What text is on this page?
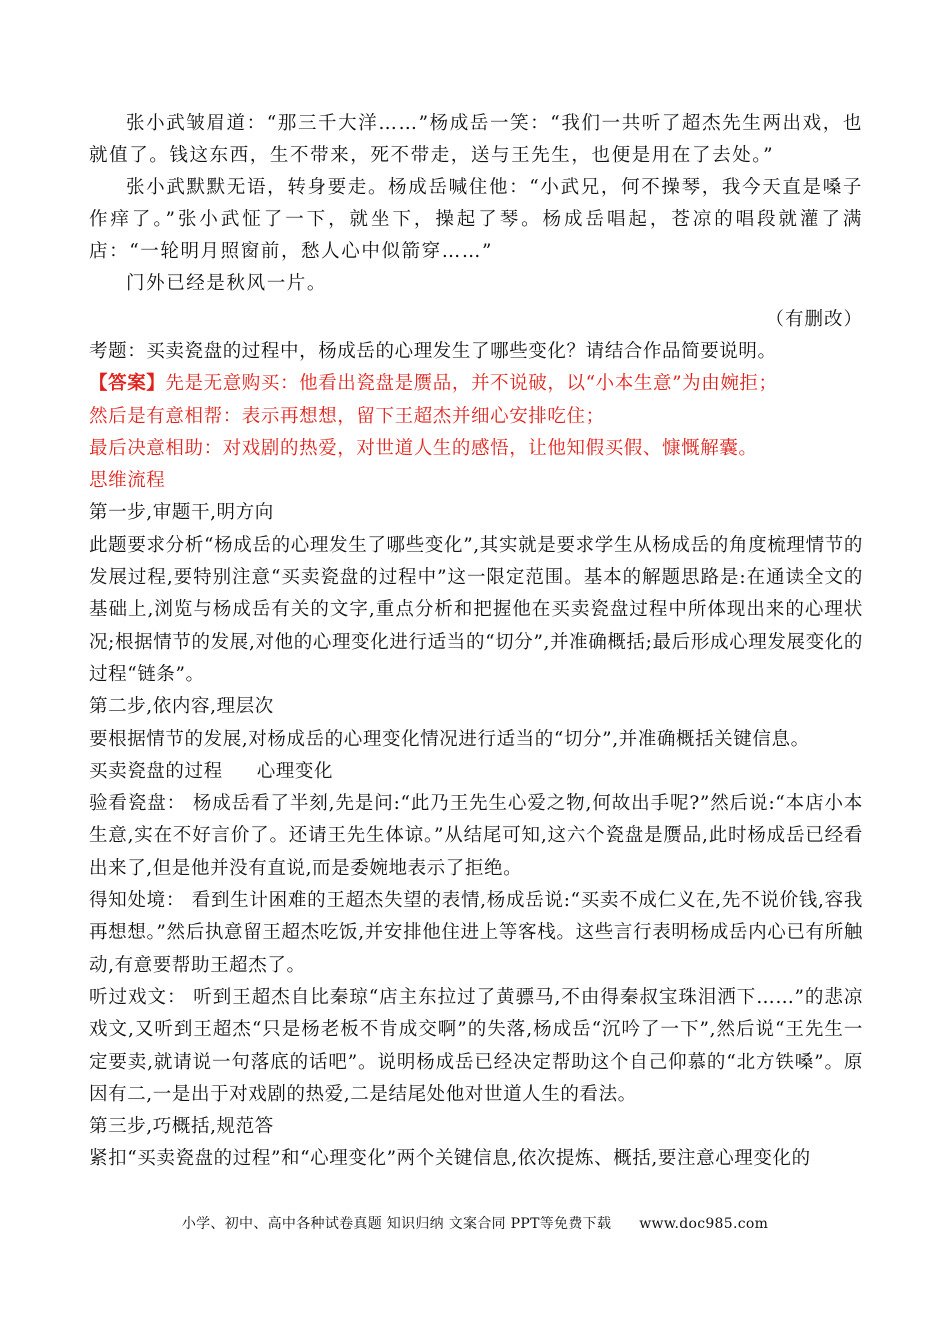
张小武皱眉道：“那三千大洋……”杨成岳一笑：“我们一共听了超杰先生两出戏，也就值了。钱这东西，生不带来，死不带走，送与王先生，也便是用在了去处。”

张小武默默无语，转身要走。杨成岳喊住他：“小武兄，何不操琴，我今天直是嗓子作痒了。”张小武怔了一下，就坐下，操起了琴。杨成岳唱起，苍凉的唱段就灌了满店：“一轮明月照窗前，愁人心中似箭穿……”

门外已经是秋风一片。

（有删改）

考题：买卖瓷盘的过程中，杨成岳的心理发生了哪些变化？请结合作品简要说明。

【答案】先是无意购买：他看出瓷盘是赝品，并不说破，以“小本生意”为由婉拒；

然后是有意相帮：表示再想想，留下王超杰并细心安排吃住；

最后决意相助：对戏剧的热爱，对世道人生的感悟，让他知假买假、慷慨解囊。

思维流程

第一步,审题干,明方向

此题要求分析“杨成岳的心理发生了哪些变化”,其实就是要求学生从杨成岳的角度梳理情节的发展过程,要特别注意“买卖瓷盘的过程中”这一限定范围。基本的解题思路是:在通读全文的基础上,浏览与杨成岳有关的文字,重点分析和把握他在买卖瓷盘过程中所体现出来的心理状况;根据情节的发展,对他的心理变化进行适当的“切分”,并准确概括;最后形成心理发展变化的过程“链条”。

第二步,依内容,理层次

要根据情节的发展,对杨成岳的心理变化情况进行适当的“切分”,并准确概括关键信息。

买卖瓷盘的过程 心理变化

验看瓷盘： 杨成岳看了半刻,先是问:“此乃王先生心爱之物,何故出手呢?”然后说:“本店小本生意,实在不好言价了。还请王先生体谅。”从结尾可知,这六个瓷盘是赝品,此时杨成岳已经看出来了,但是他并没有直说,而是委婉地表示了拒绝。

得知处境： 看到生计困难的王超杰失望的表情,杨成岳说:“买卖不成仁义在,先不说价钱,容我再想想。”然后执意留王超杰吃饭,并安排他住进上等客栈。这些言行表明杨成岳内心已有所触动,有意要帮助王超杰了。

听过戏文： 听到王超杰自比秦琼“店主东拉过了黄骠马,不由得秦叔宝珠泪洒下……”的悲凉戏文,又听到王超杰“只是杨老板不肯成交啊”的失落,杨成岳“沉吟了一下”,然后说“王先生一定要卖,就请说一句落底的话吧”。说明杨成岳已经决定帮助这个自己仰慕的“北方铁嗓”。原因有二,一是出于对戏剧的热爱,二是结尾处他对世道人生的看法。

第三步,巧概括,规范答

紧扣“买卖瓷盘的过程”和“心理变化”两个关键信息,依次提炼、概括,要注意心理变化的

小学、初中、高中各种试卷真题 知识归纳 文案合同 PPT等免费下载 www.doc985.com
